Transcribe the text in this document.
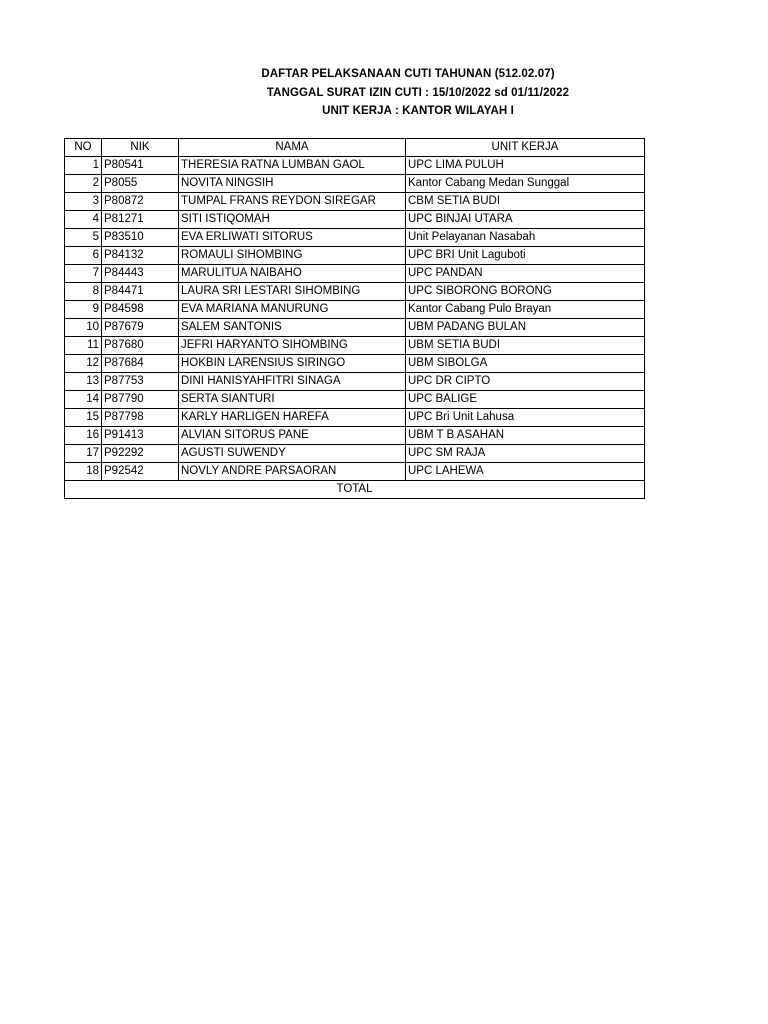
DAFTAR PELAKSANAAN CUTI TAHUNAN (512.02.07)
TANGGAL SURAT IZIN CUTI : 15/10/2022 sd 01/11/2022
UNIT KERJA : KANTOR WILAYAH I
NO	NIK	NAMA	UNIT KERJA
1	P80541	THERESIA RATNA LUMBAN GAOL	UPC LIMA PULUH
2	P8055	NOVITA NINGSIH	Kantor Cabang Medan Sunggal
3	P80872	TUMPAL FRANS REYDON SIREGAR	CBM SETIA BUDI
4	P81271	SITI ISTIQOMAH	UPC BINJAI UTARA
5	P83510	EVA ERLIWATI SITORUS	Unit Pelayanan Nasabah
6	P84132	ROMAULI SIHOMBING	UPC BRI Unit Laguboti
7	P84443	MARULITUA NAIBAHO	UPC PANDAN
8	P84471	LAURA SRI LESTARI SIHOMBING	UPC SIBORONG BORONG
9	P84598	EVA MARIANA MANURUNG	Kantor Cabang Pulo Brayan
10	P87679	SALEM SANTONIS	UBM PADANG BULAN
11	P87680	JEFRI HARYANTO SIHOMBING	UBM SETIA BUDI
12	P87684	HOKBIN LARENSIUS SIRINGO	UBM SIBOLGA
13	P87753	DINI HANISYAHFITRI SINAGA	UPC DR CIPTO
14	P87790	SERTA SIANTURI	UPC BALIGE
15	P87798	KARLY HARLIGEN HAREFA	UPC Bri Unit Lahusa
16	P91413	ALVIAN SITORUS PANE	UBM T B ASAHAN
17	P92292	AGUSTI SUWENDY	UPC SM RAJA
18	P92542	NOVLY ANDRE PARSAORAN	UPC LAHEWA
TOTAL			
